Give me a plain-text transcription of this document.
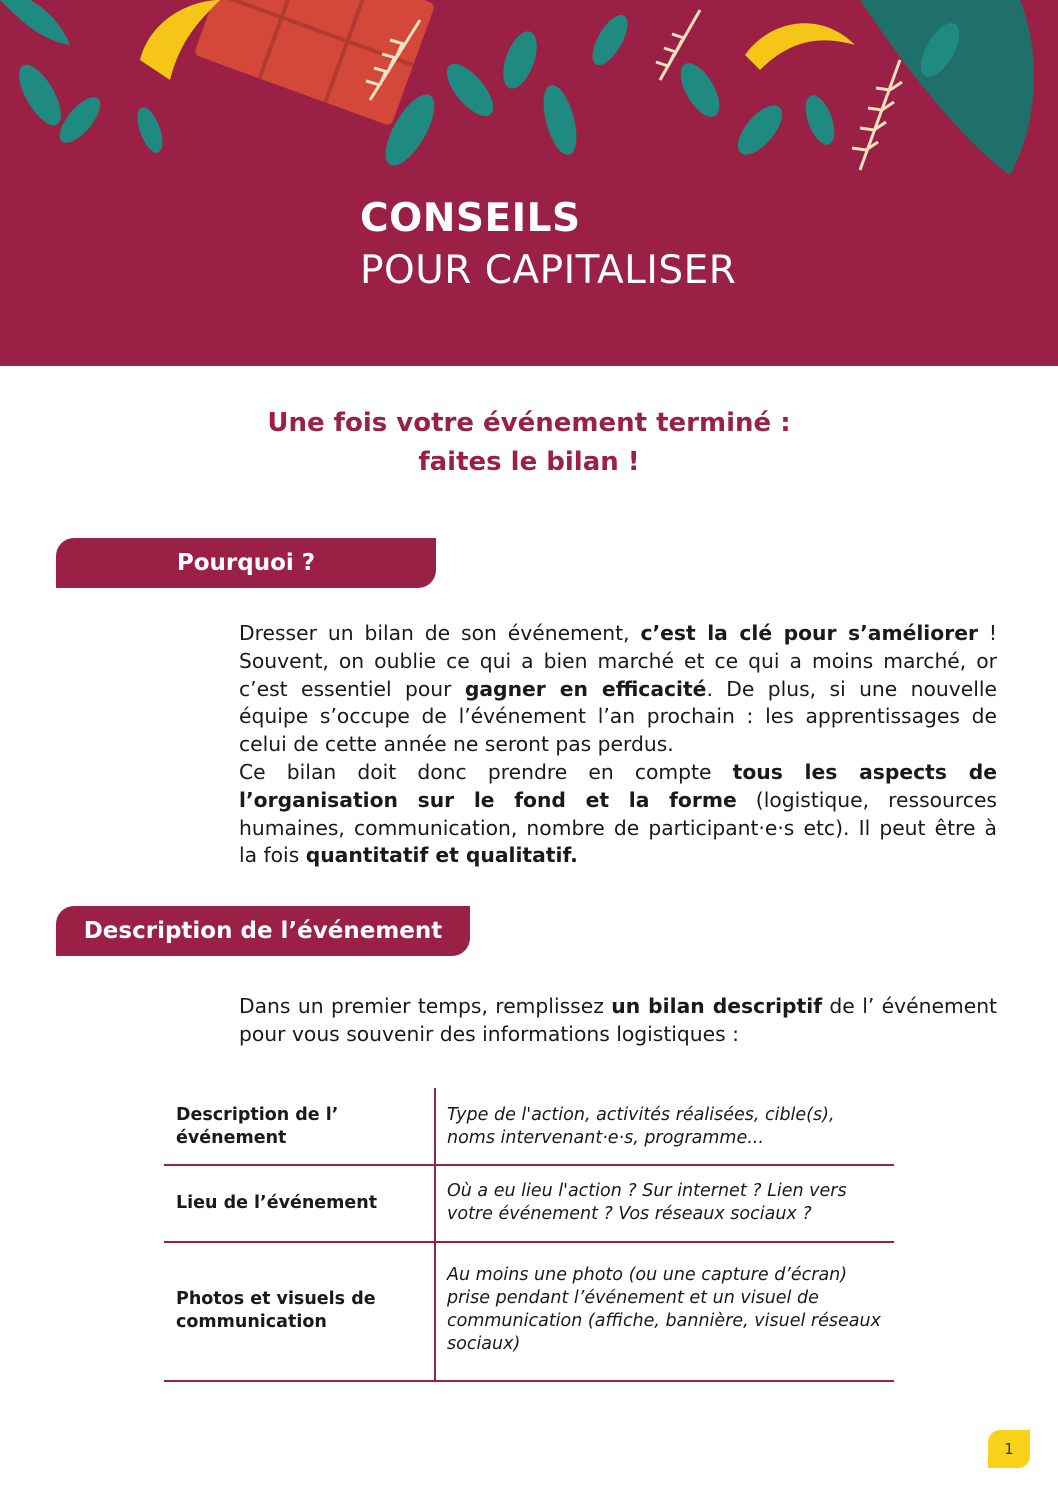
CONSEILS
POUR CAPITALISER
Une fois votre événement terminé :
faites le bilan !
Pourquoi ?

Dresser un bilan de son événement, c’est la clé pour s’améliorer ! Souvent, on oublie ce qui a bien marché et ce qui a moins marché, or c’est essentiel pour gagner en efficacité. De plus, si une nouvelle équipe s’occupe de l’événement l’an prochain : les apprentissages de celui de cette année ne seront pas perdus.

Ce bilan doit donc prendre en compte tous les aspects de l’organisation sur le fond et la forme (logistique, ressources humaines, communication, nombre de participant·e·s etc). Il peut être à la fois quantitatif et qualitatif.

Description de l’événement

Dans un premier temps, remplissez un bilan descriptif de l’ événement pour vous souvenir des informations logistiques :

Description de l’ événement
Type de l'action, activités réalisées, cible(s), noms intervenant·e·s, programme...
Lieu de l’événement
Où a eu lieu l'action ? Sur internet ? Lien vers votre événement ? Vos réseaux sociaux ?
Photos et visuels de communication
Au moins une photo (ou une capture d’écran) prise pendant l’événement et un visuel de communication (affiche, bannière, visuel réseaux sociaux)
1
